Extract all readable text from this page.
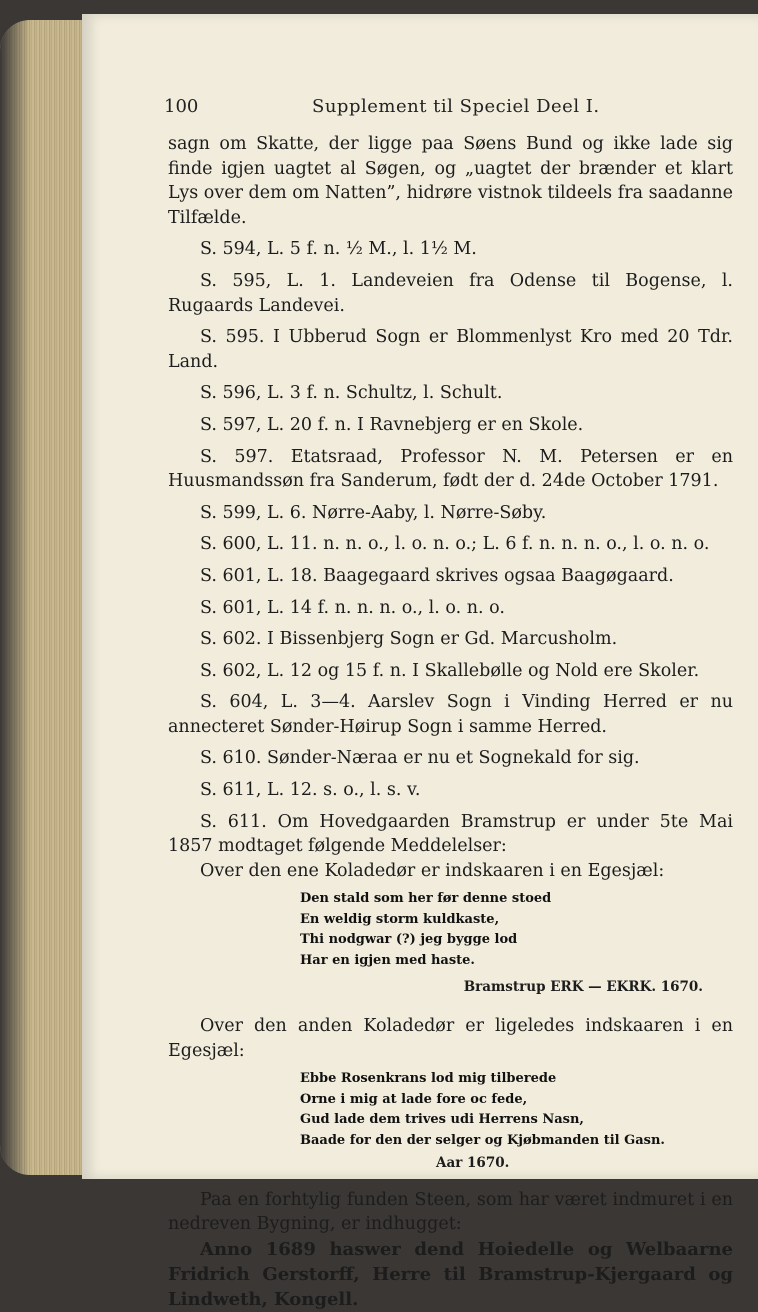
100	Supplement til Speciel Deel I.

sagn om Skatte, der ligge paa Søens Bund og ikke lade sig finde igjen uagtet al Søgen, og „uagtet der brænder et klart Lys over dem om Natten”, hidrøre vistnok tildeels fra saadanne Tilfælde.

S. 594, L. 5 f. n. ½ M., l. 1½ M.

S. 595, L. 1. Landeveien fra Odense til Bogense, l. Rugaards Landevei.

S. 595. I Ubberud Sogn er Blommenlyst Kro med 20 Tdr. Land.

S. 596, L. 3 f. n. Schultz, l. Schult.

S. 597, L. 20 f. n. I Ravnebjerg er en Skole.

S. 597. Etatsraad, Professor N. M. Petersen er en Huusmandssøn fra Sanderum, født der d. 24de October 1791.

S. 599, L. 6. Nørre-Aaby, l. Nørre-Søby.

S. 600, L. 11. n. n. o., l. o. n. o.; L. 6 f. n. n. n. o., l. o. n. o.

S. 601, L. 18. Baagegaard skrives ogsaa Baagøgaard.

S. 601, L. 14 f. n. n. n. o., l. o. n. o.

S. 602. I Bissenbjerg Sogn er Gd. Marcusholm.

S. 602, L. 12 og 15 f. n. I Skallebølle og Nold ere Skoler.

S. 604, L. 3—4. Aarslev Sogn i Vinding Herred er nu annecteret Sønder-Høirup Sogn i samme Herred.

S. 610. Sønder-Næraa er nu et Sognekald for sig.

S. 611, L. 12. s. o., l. s. v.

S. 611. Om Hovedgaarden Bramstrup er under 5te Mai 1857 modtaget følgende Meddelelser:

Over den ene Koladedør er indskaaren i en Egesjæl:

Den stald som her før denne stoed
En weldig storm kuldkaste,
Thi nodgwar (?) jeg bygge lod
Har en igjen med haste.
Bramstrup ERK — EKRK. 1670.

Over den anden Koladedør er ligeledes indskaaren i en Egesjæl:

Ebbe Rosenkrans lod mig tilberede
Orne i mig at lade fore oc fede,
Gud lade dem trives udi Herrens Nasn,
Baade for den der selger og Kjøbmanden til Gasn.
Aar 1670.

Paa en forhtylig funden Steen, som har været indmuret i en nedreven Bygning, er indhugget:

Anno 1689 haswer dend Hoiedelle og Welbaarne Fridrich Gerstorff, Herre til Bramstrup-Kjergaard og Lindweth, Kongell.
